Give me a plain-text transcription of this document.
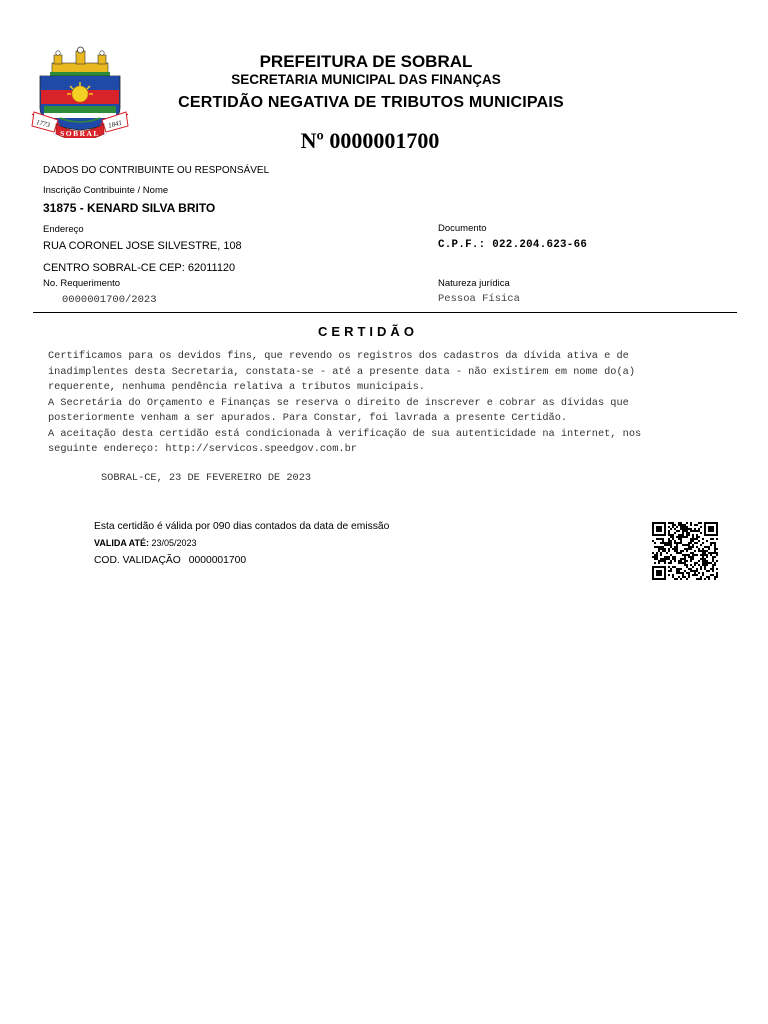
1773	1841
SOBRAL
PREFEITURA DE SOBRAL
SECRETARIA MUNICIPAL DAS FINANÇAS
CERTIDÃO NEGATIVA DE TRIBUTOS MUNICIPAIS
Nº 0000001700
DADOS DO CONTRIBUINTE OU RESPONSÁVEL
Inscrição Contribuinte / Nome
31875 - KENARD SILVA BRITO
Endereço
RUA CORONEL JOSE SILVESTRE, 108
CENTRO SOBRAL-CE CEP: 62011120
No. Requerimento
0000001700/2023
Documento
C.P.F.: 022.204.623-66
Natureza jurídica
Pessoa Física
CERTIDÃO
Certificamos para os devidos fins, que revendo os registros dos cadastros da dívida ativa e de
inadimplentes desta Secretaria, constata-se - até a presente data - não existirem em nome do(a)
requerente, nenhuma pendência relativa a tributos municipais.
A Secretária do Orçamento e Finanças se reserva o direito de inscrever e cobrar as dívidas que
posteriormente venham a ser apurados. Para Constar, foi lavrada a presente Certidão.
A aceitação desta certidão está condicionada à verificação de sua autenticidade na internet, nos
seguinte endereço: http://servicos.speedgov.com.br
SOBRAL-CE, 23 DE FEVEREIRO DE 2023
Esta certidão é válida por 090 dias contados da data de emissão
VALIDA ATÉ: 23/05/2023
COD. VALIDAÇÃO 0000001700
